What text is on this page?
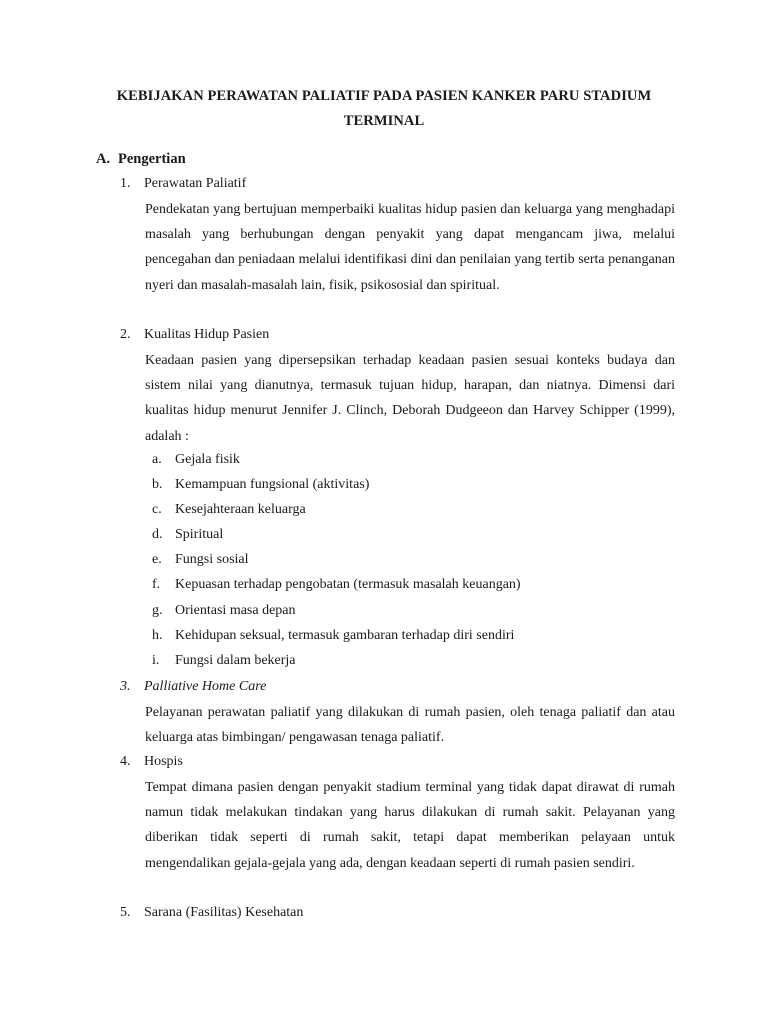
KEBIJAKAN PERAWATAN PALIATIF PADA PASIEN KANKER PARU STADIUM
TERMINAL
A. Pengertian
1. Perawatan Paliatif
Pendekatan yang bertujuan memperbaiki kualitas hidup pasien dan keluarga yang menghadapi masalah yang berhubungan dengan penyakit yang dapat mengancam jiwa, melalui pencegahan dan peniadaan melalui identifikasi dini dan penilaian yang tertib serta penanganan nyeri dan masalah-masalah lain, fisik, psikososial dan spiritual.
2. Kualitas Hidup Pasien
Keadaan pasien yang dipersepsikan terhadap keadaan pasien sesuai konteks budaya dan sistem nilai yang dianutnya, termasuk tujuan hidup, harapan, dan niatnya. Dimensi dari kualitas hidup menurut Jennifer J. Clinch, Deborah Dudgeeon dan Harvey Schipper (1999), adalah :
a. Gejala fisik
b. Kemampuan fungsional (aktivitas)
c. Kesejahteraan keluarga
d. Spiritual
e. Fungsi sosial
f.	Kepuasan terhadap pengobatan (termasuk masalah keuangan)
g. Orientasi masa depan
h. Kehidupan seksual, termasuk gambaran terhadap diri sendiri
i.	Fungsi dalam bekerja
3. Palliative Home Care
Pelayanan perawatan paliatif yang dilakukan di rumah pasien, oleh tenaga paliatif dan atau keluarga atas bimbingan/ pengawasan tenaga paliatif.
4. Hospis
Tempat dimana pasien dengan penyakit stadium terminal yang tidak dapat dirawat di rumah namun tidak melakukan tindakan yang harus dilakukan di rumah sakit. Pelayanan yang diberikan tidak seperti di rumah sakit, tetapi dapat memberikan pelayaan untuk mengendalikan gejala-gejala yang ada, dengan keadaan seperti di rumah pasien sendiri.
5. Sarana (Fasilitas) Kesehatan
